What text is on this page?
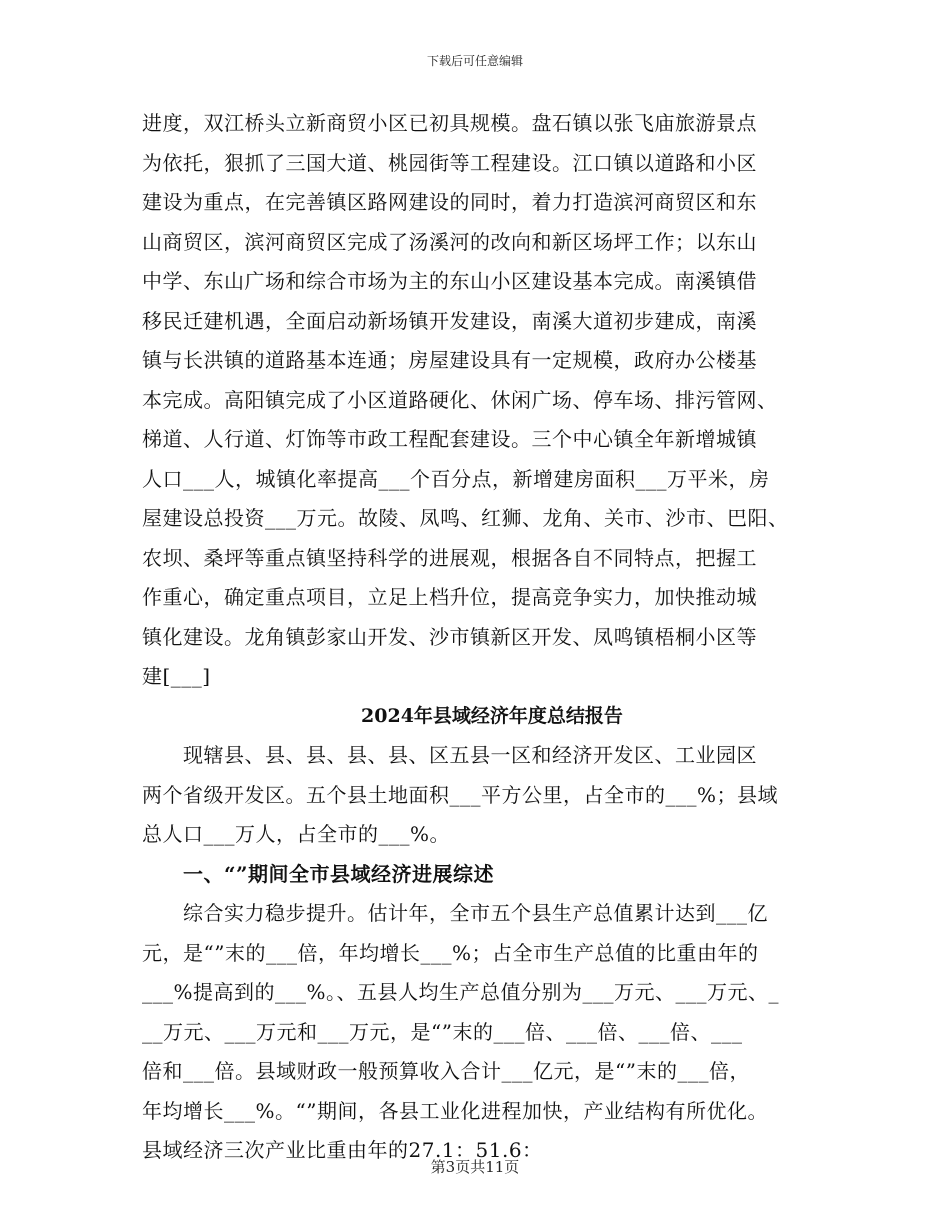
下载后可任意编辑
进度，双江桥头立新商贸小区已初具规模。盘石镇以张飞庙旅游景点
为依托，狠抓了三国大道、桃园街等工程建设。江口镇以道路和小区
建设为重点，在完善镇区路网建设的同时，着力打造滨河商贸区和东
山商贸区，滨河商贸区完成了汤溪河的改向和新区场坪工作；以东山
中学、东山广场和综合市场为主的东山小区建设基本完成。南溪镇借
移民迁建机遇，全面启动新场镇开发建设，南溪大道初步建成，南溪
镇与长洪镇的道路基本连通；房屋建设具有一定规模，政府办公楼基
本完成。高阳镇完成了小区道路硬化、休闲广场、停车场、排污管网、
梯道、人行道、灯饰等市政工程配套建设。三个中心镇全年新增城镇
人口___人，城镇化率提高___个百分点，新增建房面积___万平米，房
屋建设总投资___万元。故陵、凤鸣、红狮、龙角、关市、沙市、巴阳、
农坝、桑坪等重点镇坚持科学的进展观，根据各自不同特点，把握工
作重心，确定重点项目，立足上档升位，提高竞争实力，加快推动城
镇化建设。龙角镇彭家山开发、沙市镇新区开发、凤鸣镇梧桐小区等
建[___]
2024年县域经济年度总结报告
　　现辖县、县、县、县、县、区五县一区和经济开发区、工业园区
两个省级开发区。五个县土地面积___平方公里，占全市的___%；县域
总人口___万人，占全市的___%。
　　一、“”期间全市县域经济进展综述
　　综合实力稳步提升。估计年，全市五个县生产总值累计达到___亿
元，是“”末的___倍，年均增长___%；占全市生产总值的比重由年的
___%提高到的___%。、五县人均生产总值分别为___万元、___万元、_
__万元、___万元和___万元，是“”末的___倍、___倍、___倍、___
倍和___倍。县域财政一般预算收入合计___亿元，是“”末的___倍，
年均增长___%。“”期间，各县工业化进程加快，产业结构有所优化。
县域经济三次产业比重由年的27.1：51.6：
第3页共11页
